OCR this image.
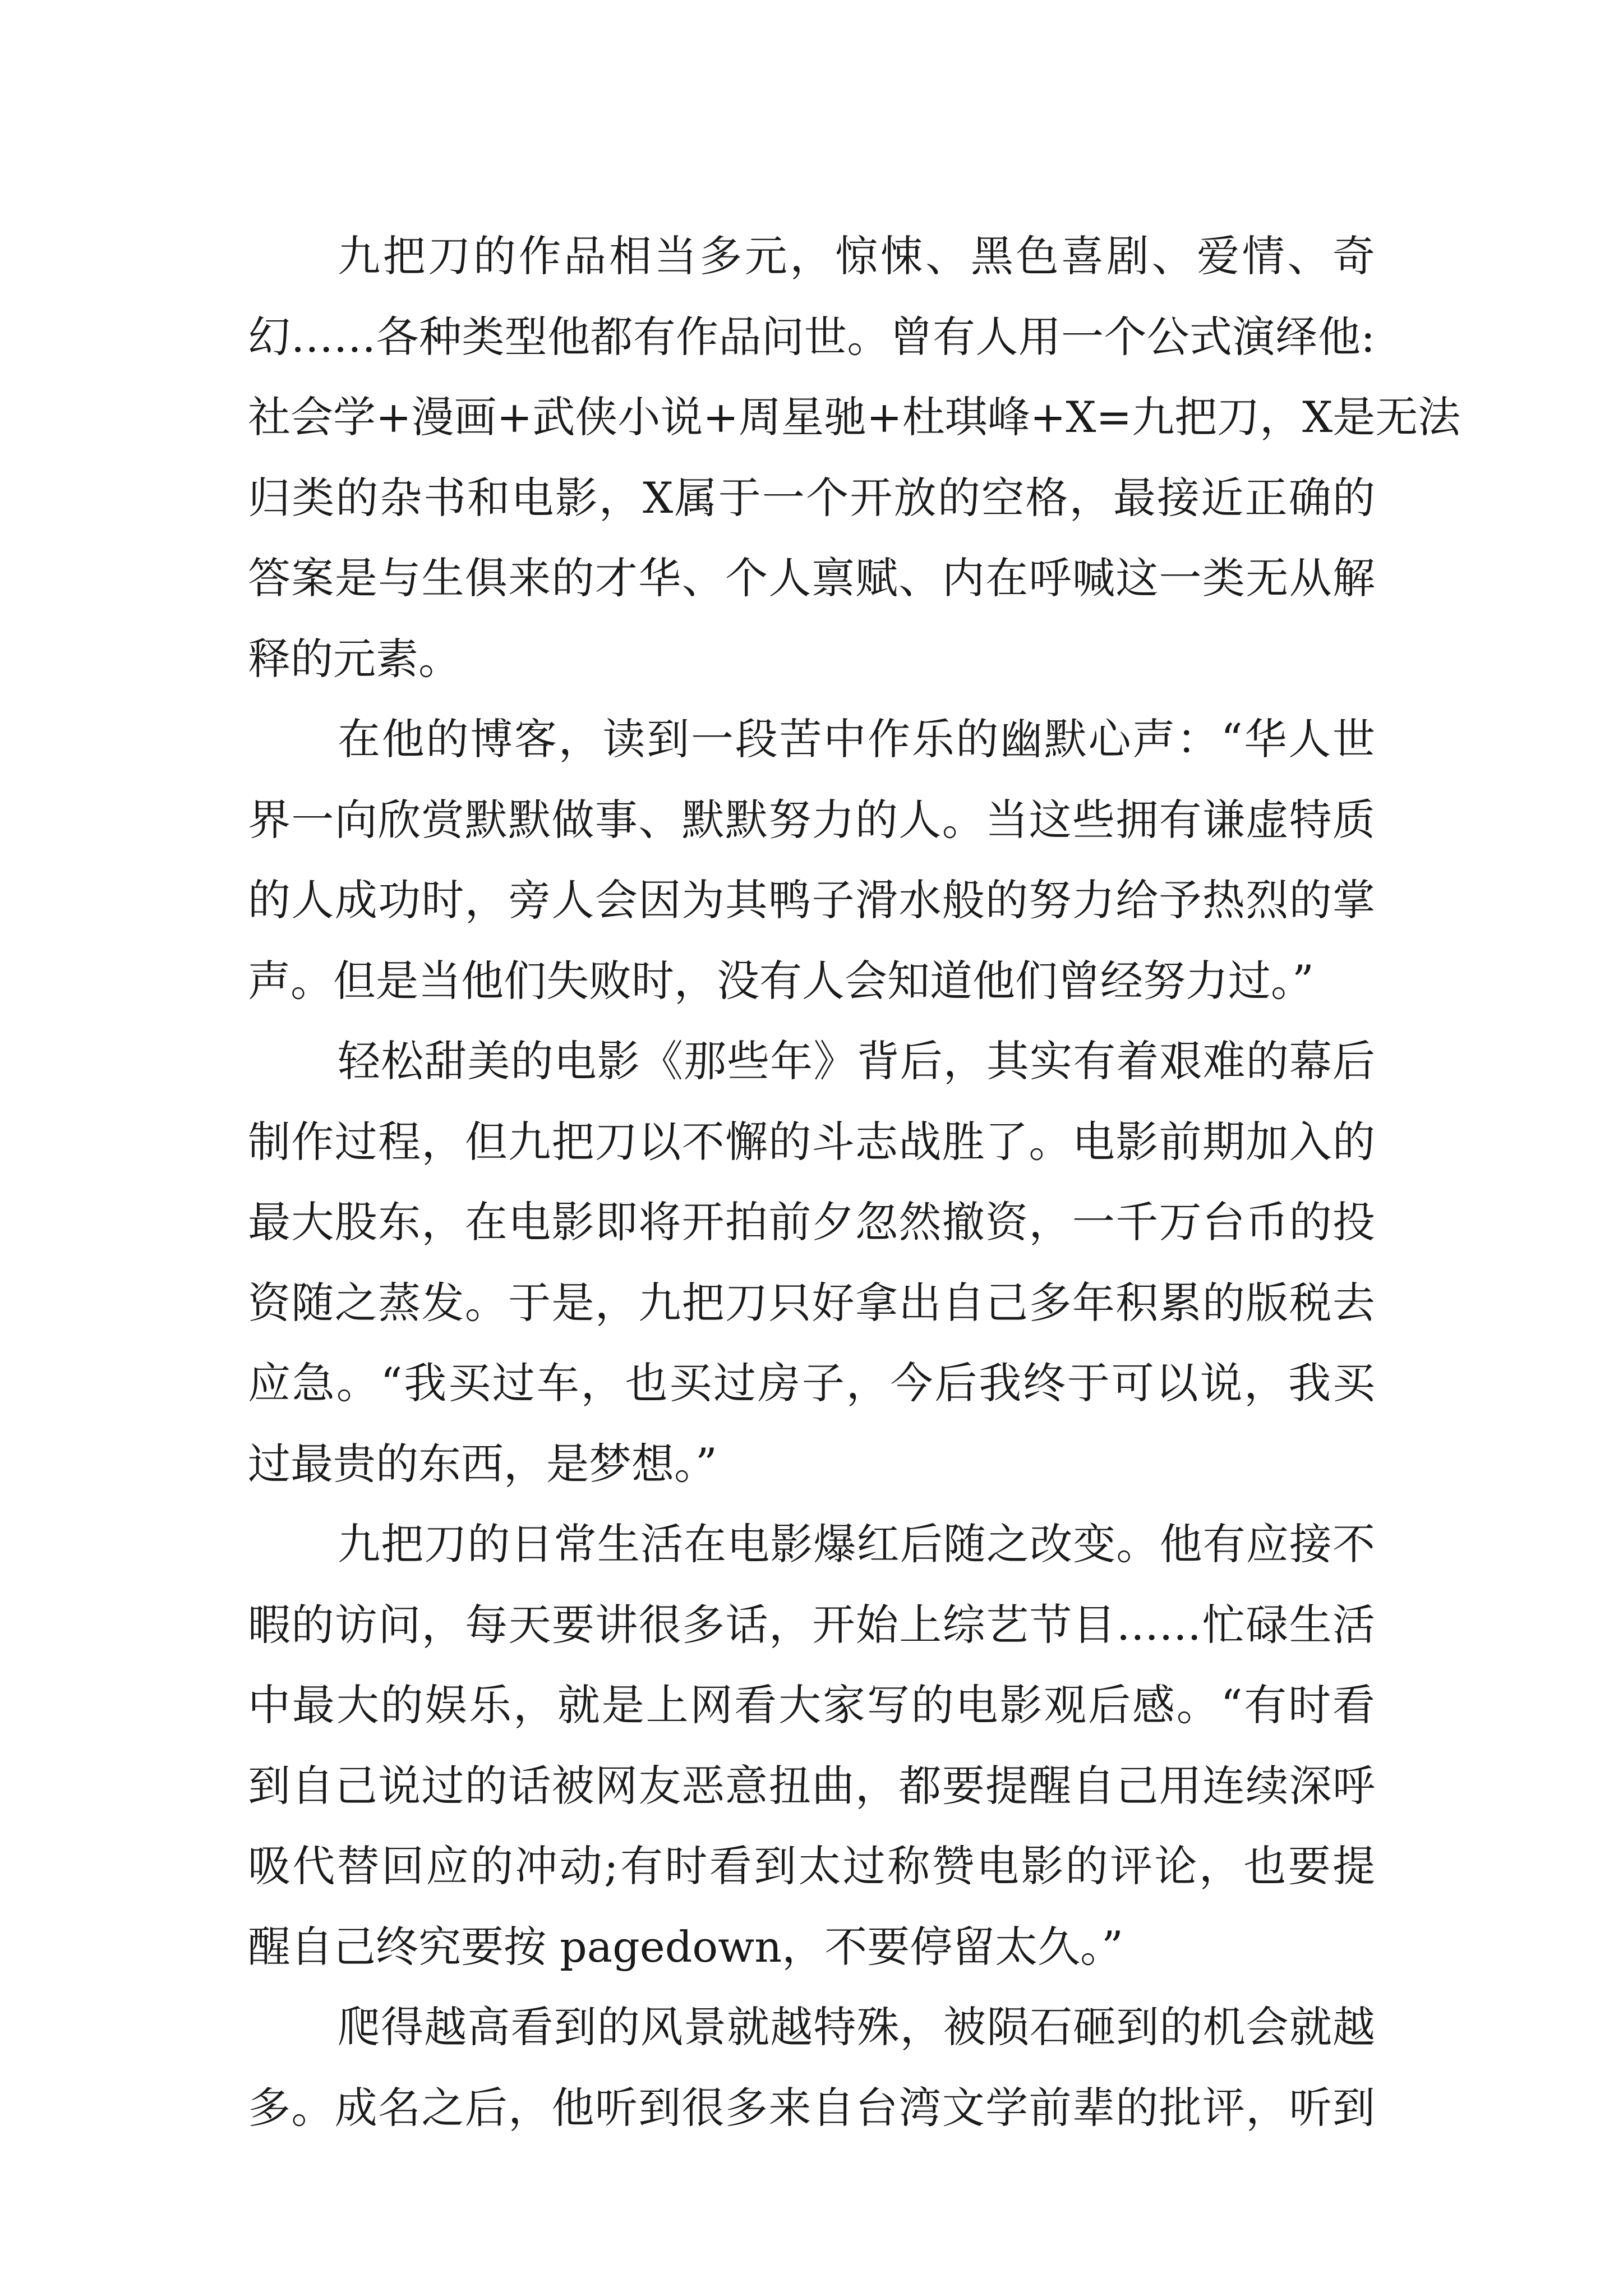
九把刀的作品相当多元，惊悚、黑色喜剧、爱情、奇
幻……各种类型他都有作品问世。曾有人用一个公式演绎他:
社会学+漫画+武侠小说+周星驰+杜琪峰+X=九把刀，X是无法
归类的杂书和电影，X属于一个开放的空格，最接近正确的
答案是与生俱来的才华、个人禀赋、内在呼喊这一类无从解
释的元素。
在他的博客，读到一段苦中作乐的幽默心声：“华人世
界一向欣赏默默做事、默默努力的人。当这些拥有谦虚特质
的人成功时，旁人会因为其鸭子滑水般的努力给予热烈的掌
声。但是当他们失败时，没有人会知道他们曾经努力过。”
轻松甜美的电影《那些年》背后，其实有着艰难的幕后
制作过程，但九把刀以不懈的斗志战胜了。电影前期加入的
最大股东，在电影即将开拍前夕忽然撤资，一千万台币的投
资随之蒸发。于是，九把刀只好拿出自己多年积累的版税去
应急。“我买过车，也买过房子，今后我终于可以说，我买
过最贵的东西，是梦想。”
九把刀的日常生活在电影爆红后随之改变。他有应接不
暇的访问，每天要讲很多话，开始上综艺节目……忙碌生活
中最大的娱乐，就是上网看大家写的电影观后感。“有时看
到自己说过的话被网友恶意扭曲，都要提醒自己用连续深呼
吸代替回应的冲动;有时看到太过称赞电影的评论，也要提
醒自己终究要按 pagedown，不要停留太久。”
爬得越高看到的风景就越特殊，被陨石砸到的机会就越
多。成名之后，他听到很多来自台湾文学前辈的批评，听到
